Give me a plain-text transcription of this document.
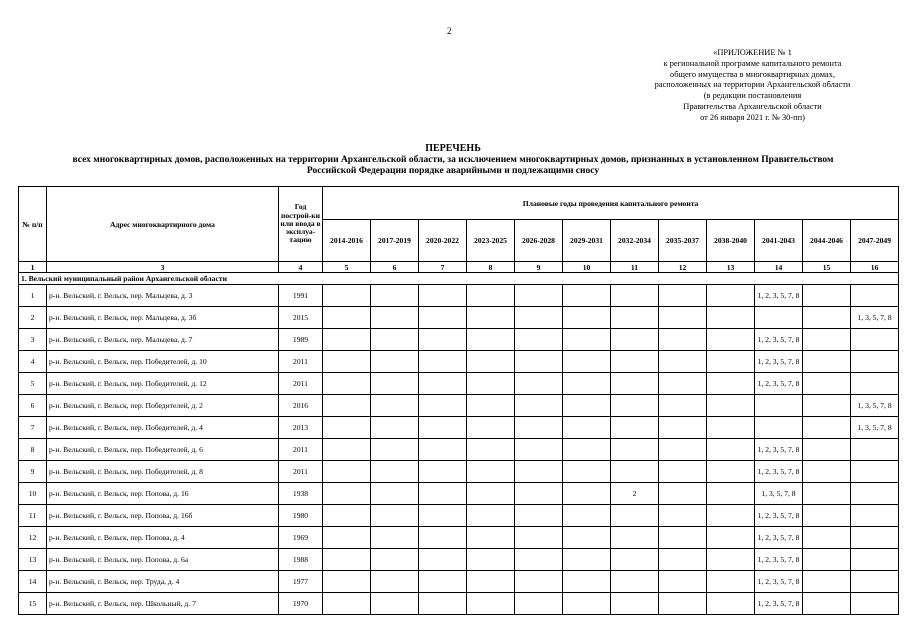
2
«ПРИЛОЖЕНИЕ № 1
к региональной программе капитального ремонта
общего имущества в многоквартирных домах,
расположенных на территории Архангельской области
(в редакции постановления
Правительства Архангельской области
от 26 января 2021 г. № 30-пп)
ПЕРЕЧЕНЬ
всех многоквартирных домов, расположенных на территории Архангельской области, за исключением многоквартирных домов, признанных в установленном Правительством
Российской Федерации порядке аварийными и подлежащими сносу
№ п/п	Адрес многоквартирного дома	Год построй-ки или ввода в эксплуа-тацию	Плановые годы проведения капитального ремонта											
			2014-2016	2017-2019	2020-2022	2023-2025	2026-2028	2029-2031	2032-2034	2035-2037	2038-2040	2041-2043	2044-2046	2047-2049
1	3	4	5	6	7	8	9	10	11	12	13	14	15	16
1. Вельский муниципальный район Архангельской области														
1	р-н. Вельский, г. Вельск, пер. Мальцева, д. 3	1991										1, 2, 3, 5, 7, 8		
2	р-н. Вельский, г. Вельск, пер. Мальцева, д. 3б	2015												1, 3, 5, 7, 8
3	р-н. Вельский, г. Вельск, пер. Мальцева, д. 7	1989										1, 2, 3, 5, 7, 8		
4	р-н. Вельский, г. Вельск, пер. Победителей, д. 10	2011										1, 2, 3, 5, 7, 8		
5	р-н. Вельский, г. Вельск, пер. Победителей, д. 12	2011										1, 2, 3, 5, 7, 8		
6	р-н. Вельский, г. Вельск, пер. Победителей, д. 2	2016												1, 3, 5, 7, 8
7	р-н. Вельский, г. Вельск, пер. Победителей, д. 4	2013												1, 3, 5, 7, 8
8	р-н. Вельский, г. Вельск, пер. Победителей, д. 6	2011										1, 2, 3, 5, 7, 8		
9	р-н. Вельский, г. Вельск, пер. Победителей, д. 8	2011										1, 2, 3, 5, 7, 8		
10	р-н. Вельский, г. Вельск, пер. Попова, д. 16	1938							2			1, 3, 5, 7, 8		
11	р-н. Вельский, г. Вельск, пер. Попова, д. 16б	1980										1, 2, 3, 5, 7, 8		
12	р-н. Вельский, г. Вельск, пер. Попова, д. 4	1969										1, 2, 3, 5, 7, 8		
13	р-н. Вельский, г. Вельск, пер. Попова, д. 6а	1988										1, 2, 3, 5, 7, 8		
14	р-н. Вельский, г. Вельск, пер. Труда, д. 4	1977										1, 2, 3, 5, 7, 8		
15	р-н. Вельский, г. Вельск, пер. Школьный, д. 7	1970										1, 2, 3, 5, 7, 8		
